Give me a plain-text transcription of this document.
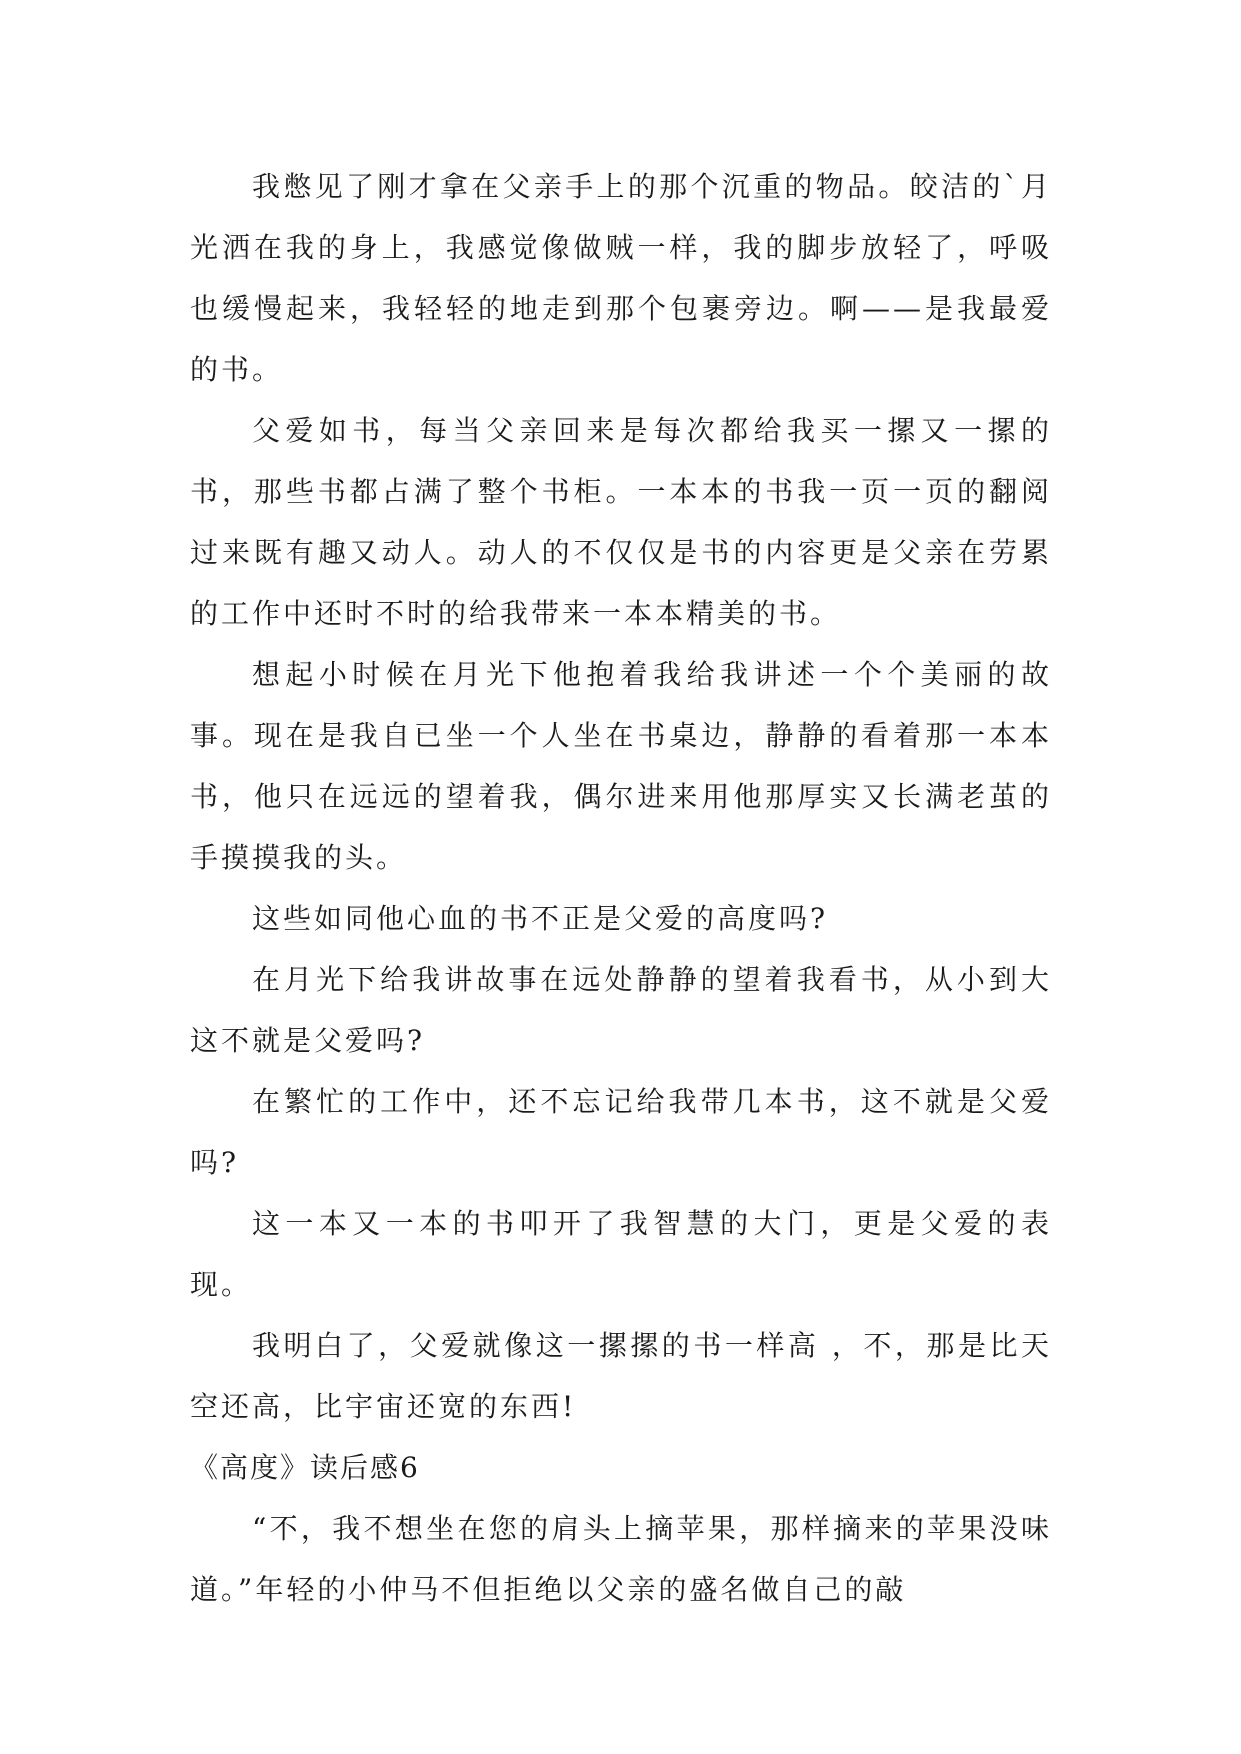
我憋见了刚才拿在父亲手上的那个沉重的物品。皎洁的`月光洒在我的身上，我感觉像做贼一样，我的脚步放轻了，呼吸也缓慢起来，我轻轻的地走到那个包裹旁边。啊——是我最爱的书。

父爱如书，每当父亲回来是每次都给我买一摞又一摞的书，那些书都占满了整个书柜。一本本的书我一页一页的翻阅过来既有趣又动人。动人的不仅仅是书的内容更是父亲在劳累的工作中还时不时的给我带来一本本精美的书。

想起小时候在月光下他抱着我给我讲述一个个美丽的故事。现在是我自已坐一个人坐在书桌边，静静的看着那一本本书，他只在远远的望着我，偶尔进来用他那厚实又长满老茧的手摸摸我的头。

这些如同他心血的书不正是父爱的高度吗?

在月光下给我讲故事在远处静静的望着我看书，从小到大这不就是父爱吗?

在繁忙的工作中，还不忘记给我带几本书，这不就是父爱吗?

这一本又一本的书叩开了我智慧的大门，更是父爱的表现。

我明白了，父爱就像这一摞摞的书一样高 ，不，那是比天空还高，比宇宙还宽的东西!

《高度》读后感6

“不，我不想坐在您的肩头上摘苹果，那样摘来的苹果没味道。”年轻的小仲马不但拒绝以父亲的盛名做自己的敲
